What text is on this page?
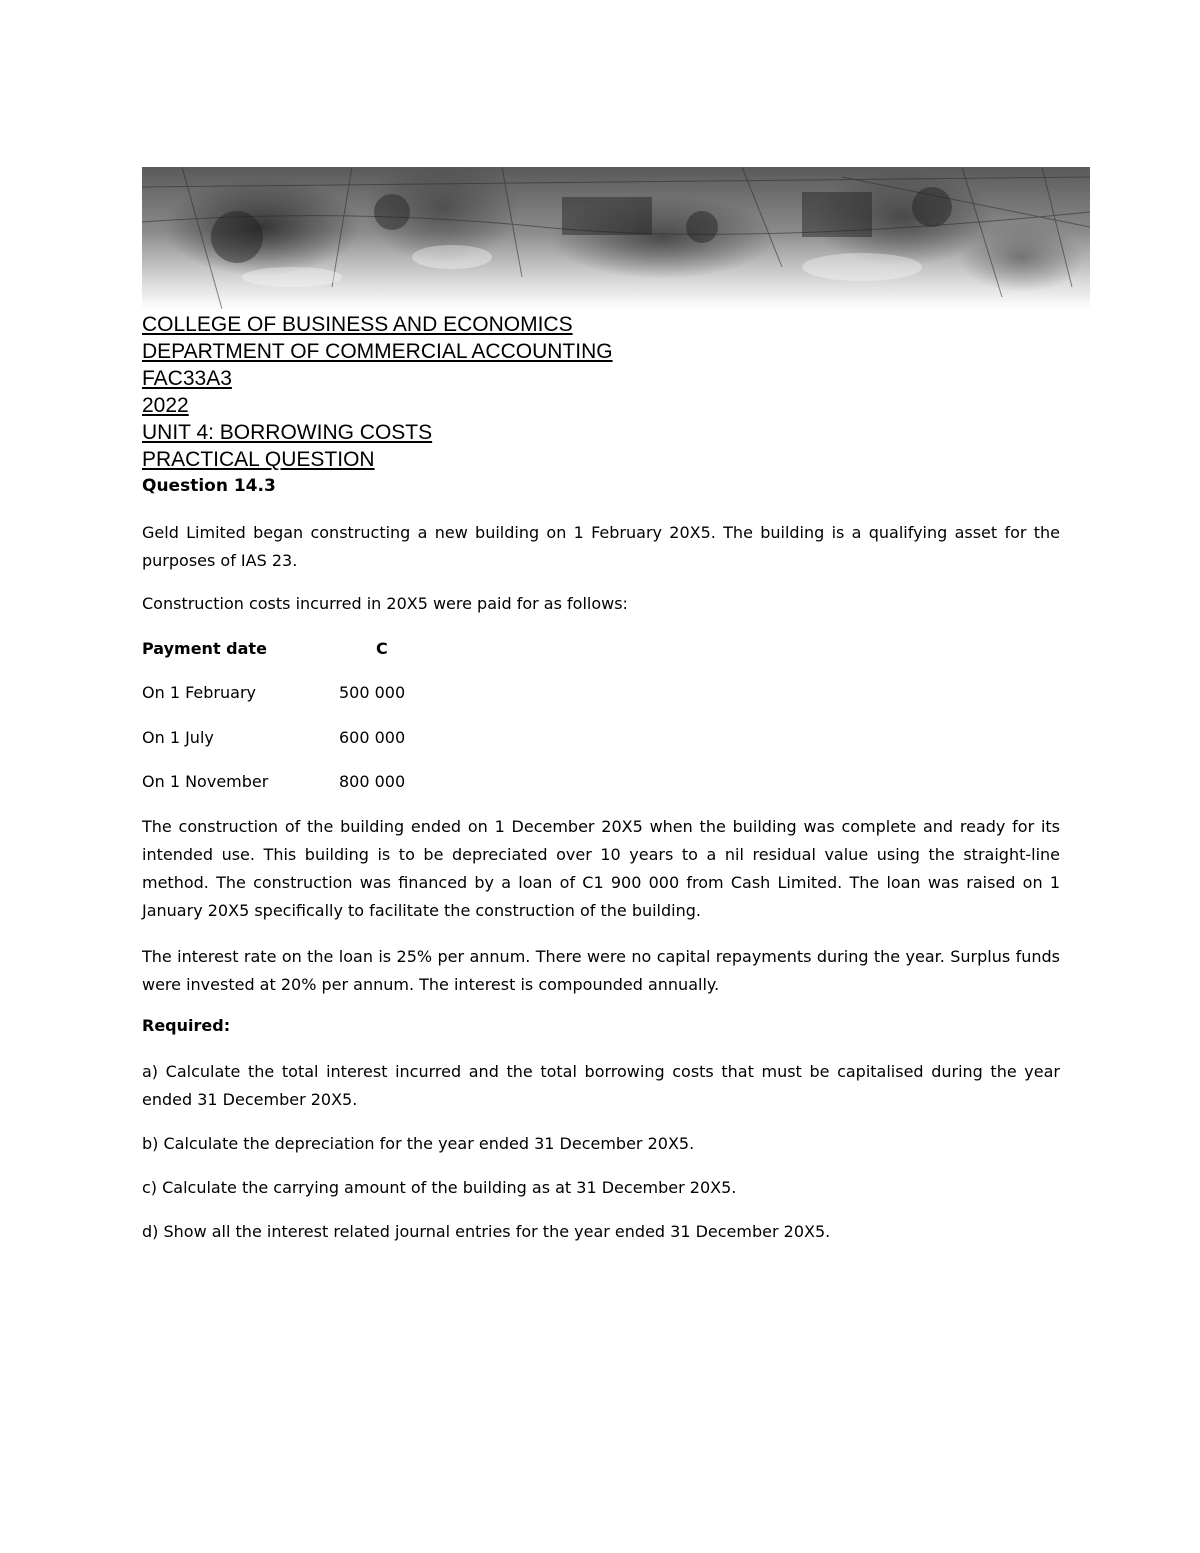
COLLEGE OF BUSINESS AND ECONOMICS
DEPARTMENT OF COMMERCIAL ACCOUNTING
FAC33A3
2022
UNIT 4: BORROWING COSTS
PRACTICAL QUESTION
Question 14.3
Geld Limited began constructing a new building on 1 February 20X5. The building is a qualifying asset for the purposes of IAS 23.
Construction costs incurred in 20X5 were paid for as follows:
Payment date	C
On 1 February	500 000
On 1 July	600 000
On 1 November	800 000
The construction of the building ended on 1 December 20X5 when the building was complete and ready for its intended use. This building is to be depreciated over 10 years to a nil residual value using the straight-line method. The construction was financed by a loan of C1 900 000 from Cash Limited. The loan was raised on 1 January 20X5 specifically to facilitate the construction of the building.
The interest rate on the loan is 25% per annum. There were no capital repayments during the year. Surplus funds were invested at 20% per annum. The interest is compounded annually.
Required:
a) Calculate the total interest incurred and the total borrowing costs that must be capitalised during the year ended 31 December 20X5.
b) Calculate the depreciation for the year ended 31 December 20X5.
c) Calculate the carrying amount of the building as at 31 December 20X5.
d) Show all the interest related journal entries for the year ended 31 December 20X5.
